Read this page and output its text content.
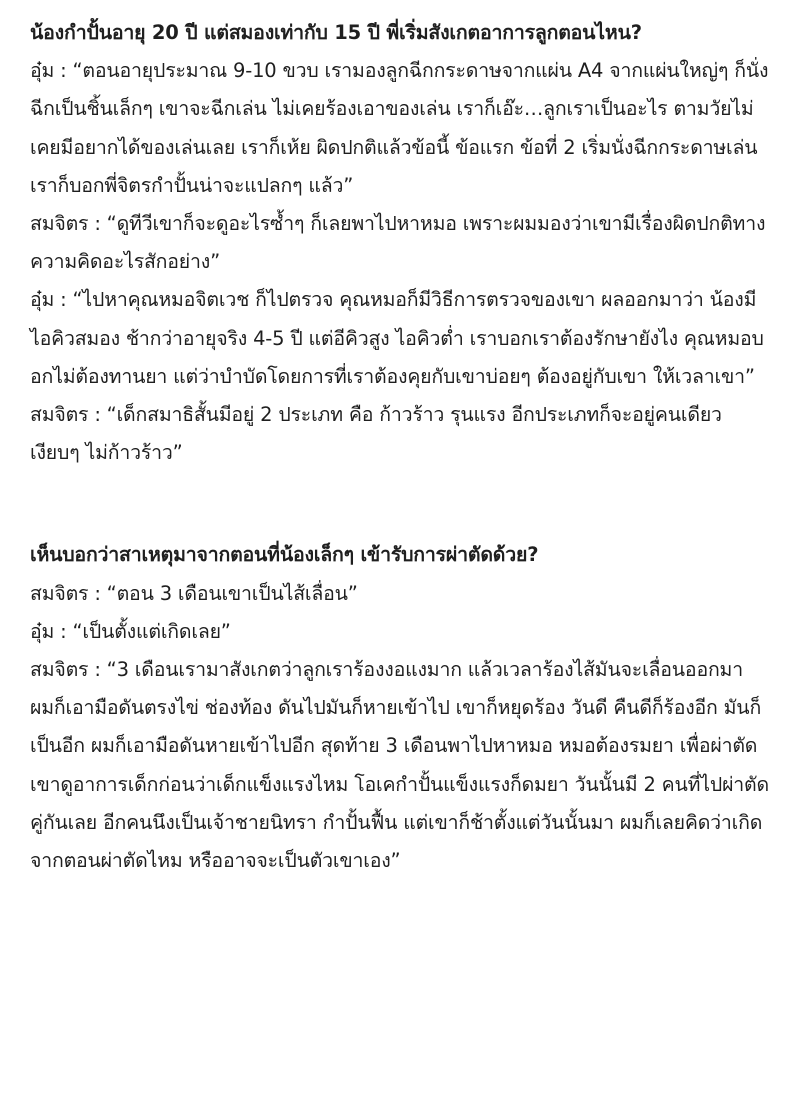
น้องกำปั้นอายุ 20 ปี แต่สมองเท่ากับ 15 ปี พี่เริ่มสังเกตอาการลูกตอนไหน?

อุ๋ม : “ตอนอายุประมาณ 9-10 ขวบ เรามองลูกฉีกกระดาษจากแผ่น A4 จากแผ่นใหญ่ๆ ก็นั่งฉีกเป็นชิ้นเล็กๆ เขาจะฉีกเล่น ไม่เคยร้องเอาของเล่น เราก็เอ๊ะ…ลูกเราเป็นอะไร ตามวัยไม่เคยมีอยากได้ของเล่นเลย เราก็เห้ย ผิดปกติแล้วข้อนี้ ข้อแรก ข้อที่ 2 เริ่มนั่งฉีกกระดาษเล่น เราก็บอกพี่จิตรกำปั้นน่าจะแปลกๆ แล้ว”

สมจิตร : “ดูทีวีเขาก็จะดูอะไรซ้ำๆ ก็เลยพาไปหาหมอ เพราะผมมองว่าเขามีเรื่องผิดปกติทางความคิดอะไรสักอย่าง”

อุ๋ม : “ไปหาคุณหมอจิตเวช ก็ไปตรวจ คุณหมอก็มีวิธีการตรวจของเขา ผลออกมาว่า น้องมี ไอคิวสมอง ช้ากว่าอายุจริง 4-5 ปี แต่อีคิวสูง ไอคิวต่ำ เราบอกเราต้องรักษายังไง คุณหมอบอกไม่ต้องทานยา แต่ว่าบำบัดโดยการที่เราต้องคุยกับเขาบ่อยๆ ต้องอยู่กับเขา ให้เวลาเขา”

สมจิตร : “เด็กสมาธิสั้นมีอยู่ 2 ประเภท คือ ก้าวร้าว รุนแรง อีกประเภทก็จะอยู่คนเดียวเงียบๆ ไม่ก้าวร้าว”

เห็นบอกว่าสาเหตุมาจากตอนที่น้องเล็กๆ เข้ารับการผ่าตัดด้วย?

สมจิตร : “ตอน 3 เดือนเขาเป็นไส้เลื่อน”

อุ๋ม : “เป็นตั้งแต่เกิดเลย”

สมจิตร : “3 เดือนเรามาสังเกตว่าลูกเราร้องงอแงมาก แล้วเวลาร้องไส้มันจะเลื่อนออกมา ผมก็เอามือดันตรงไข่ ช่องท้อง ดันไปมันก็หายเข้าไป เขาก็หยุดร้อง วันดี คืนดีก็ร้องอีก มันก็เป็นอีก ผมก็เอามือดันหายเข้าไปอีก สุดท้าย 3 เดือนพาไปหาหมอ หมอต้องรมยา เพื่อผ่าตัด เขาดูอาการเด็กก่อนว่าเด็กแข็งแรงไหม โอเคกำปั้นแข็งแรงก็ดมยา วันนั้นมี 2 คนที่ไปผ่าตัดคู่กันเลย อีกคนนึงเป็นเจ้าชายนิทรา กำปั้นฟื้น แต่เขาก็ช้าตั้งแต่วันนั้นมา ผมก็เลยคิดว่าเกิดจากตอนผ่าตัดไหม หรืออาจจะเป็นตัวเขาเอง”
